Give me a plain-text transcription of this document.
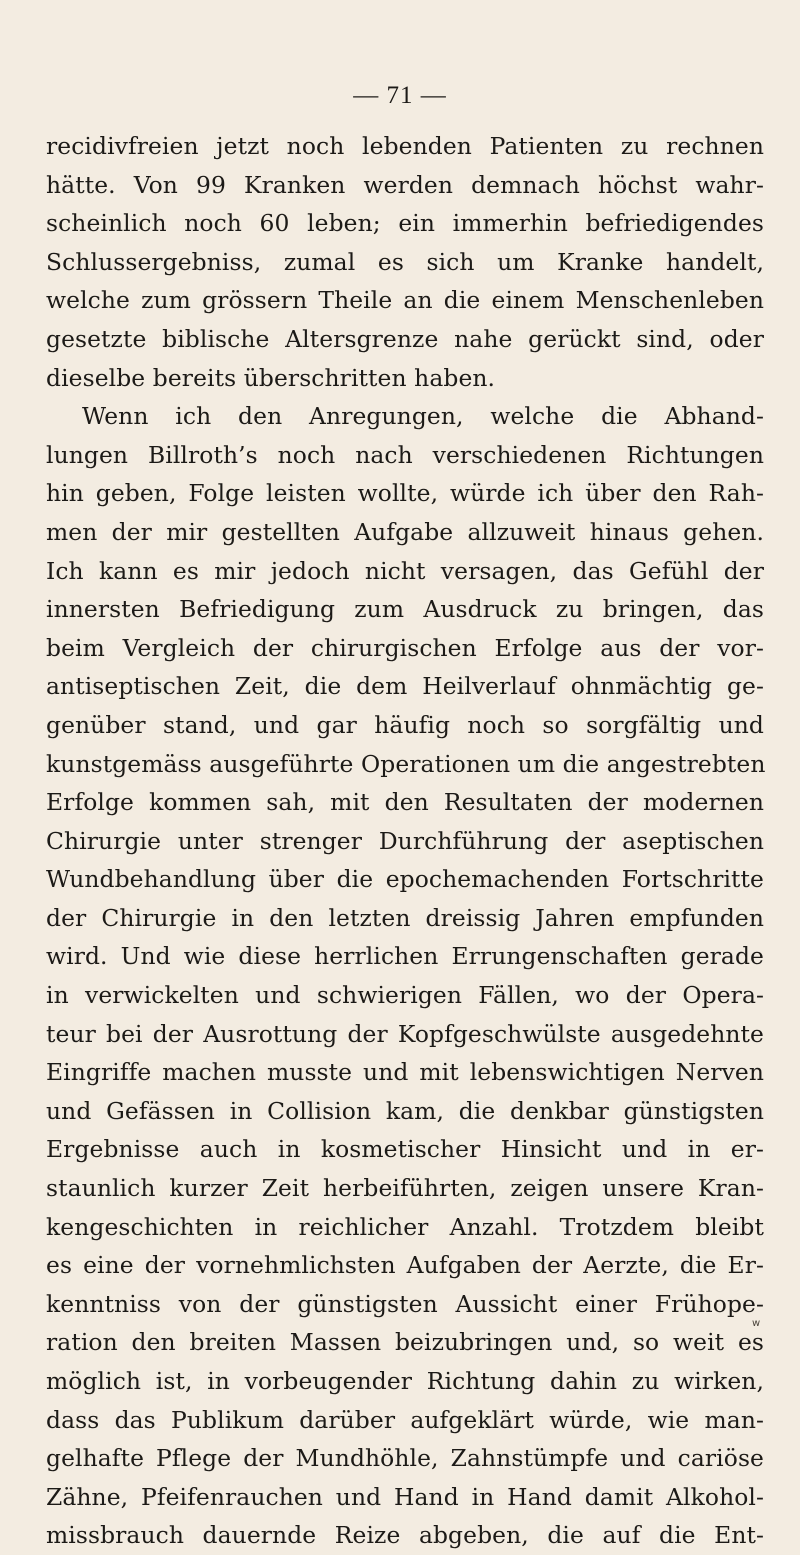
— 71 —
recidivfreien jetzt noch lebenden Patienten zu rechnen
hätte. Von 99 Kranken werden demnach höchst wahr-
scheinlich noch 60 leben; ein immerhin befriedigendes
Schlussergebniss, zumal es sich um Kranke handelt,
welche zum grössern Theile an die einem Menschenleben
gesetzte biblische Altersgrenze nahe gerückt sind, oder
dieselbe bereits überschritten haben.
Wenn ich den Anregungen, welche die Abhand-
lungen Billroth’s noch nach verschiedenen Richtungen
hin geben, Folge leisten wollte, würde ich über den Rah-
men der mir gestellten Aufgabe allzuweit hinaus gehen.
Ich kann es mir jedoch nicht versagen, das Gefühl der
innersten Befriedigung zum Ausdruck zu bringen, das
beim Vergleich der chirurgischen Erfolge aus der vor-
antiseptischen Zeit, die dem Heilverlauf ohnmächtig ge-
genüber stand, und gar häufig noch so sorgfältig und
kunstgemäss ausgeführte Operationen um die angestrebten
Erfolge kommen sah, mit den Resultaten der modernen
Chirurgie unter strenger Durchführung der aseptischen
Wundbehandlung über die epochemachenden Fortschritte
der Chirurgie in den letzten dreissig Jahren empfunden
wird. Und wie diese herrlichen Errungenschaften gerade
in verwickelten und schwierigen Fällen, wo der Opera-
teur bei der Ausrottung der Kopfgeschwülste ausgedehnte
Eingriffe machen musste und mit lebenswichtigen Nerven
und Gefässen in Collision kam, die denkbar günstigsten
Ergebnisse auch in kosmetischer Hinsicht und in er-
staunlich kurzer Zeit herbeiführten, zeigen unsere Kran-
kengeschichten in reichlicher Anzahl. Trotzdem bleibt
es eine der vornehmlichsten Aufgaben der Aerzte, die Er-
kenntniss von der günstigsten Aussicht einer Frühope-
ration den breiten Massen beizubringen und, so weit es
möglich ist, in vorbeugender Richtung dahin zu wirken,
dass das Publikum darüber aufgeklärt würde, wie man-
gelhafte Pflege der Mundhöhle, Zahnstümpfe und cariöse
Zähne, Pfeifenrauchen und Hand in Hand damit Alkohol-
missbrauch dauernde Reize abgeben, die auf die Ent-
w
